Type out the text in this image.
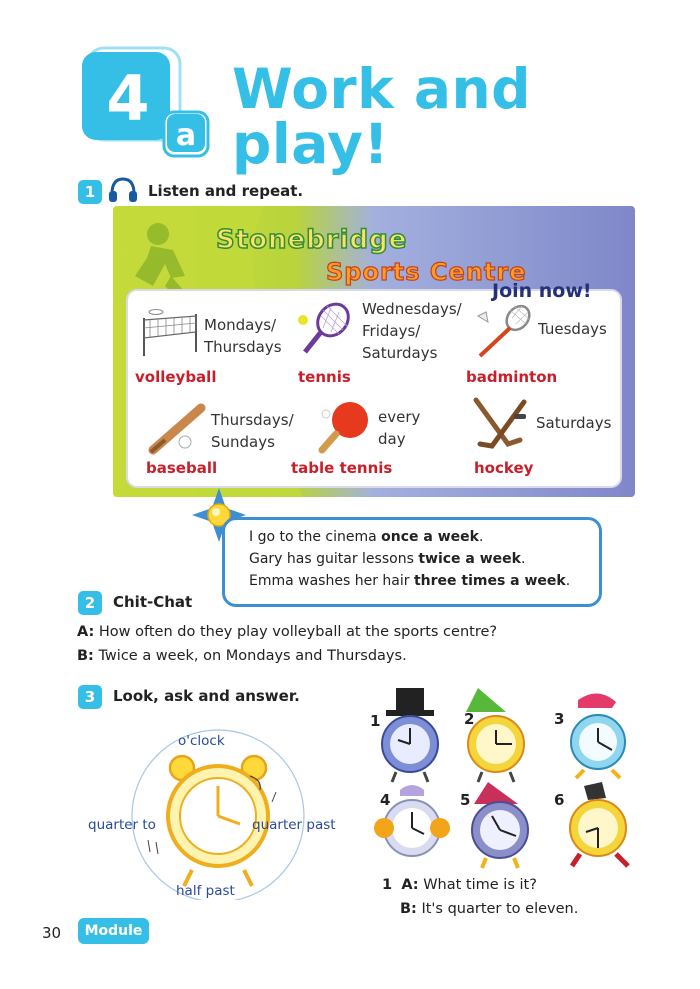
4
a
Work and play!
1	Listen and repeat.
Stonebridge
Sports Centre
Join now!
Mondays/
Thursdays
volleyball
Wednesdays/
Fridays/
Saturdays
tennis
Tuesdays
badminton
Thursdays/
Sundays
baseball
every
day
table tennis
Saturdays
hockey
I go to the cinema once a week.
Gary has guitar lessons twice a week.
Emma washes her hair three times a week.
2	Chit-Chat
A: How often do they play volleyball at the sports centre?
B: Twice a week, on Mondays and Thursdays.
3	Look, ask and answer.
o'clock
quarter to	quarter past
half past
1	2	3
4	5	6
1 A: What time is it?
B: It's quarter to eleven.
30	Module 2
